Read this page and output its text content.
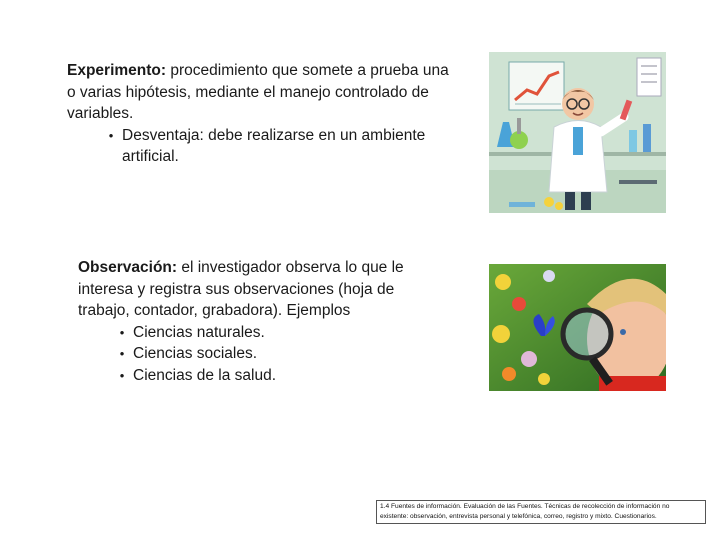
Experimento: procedimiento que somete a prueba una o varias hipótesis, mediante el manejo controlado de variables.

• Desventaja: debe realizarse en un ambiente artificial.

Observación: el investigador observa lo que le interesa y registra sus observaciones (hoja de trabajo, contador, grabadora). Ejemplos

• Ciencias naturales.
• Ciencias sociales.
• Ciencias de la salud.

1.4 Fuentes de información. Evaluación de las Fuentes. Técnicas de recolección de información no

existente: observación, entrevista personal y telefónica, correo, registro y mixto. Cuestionarios.
